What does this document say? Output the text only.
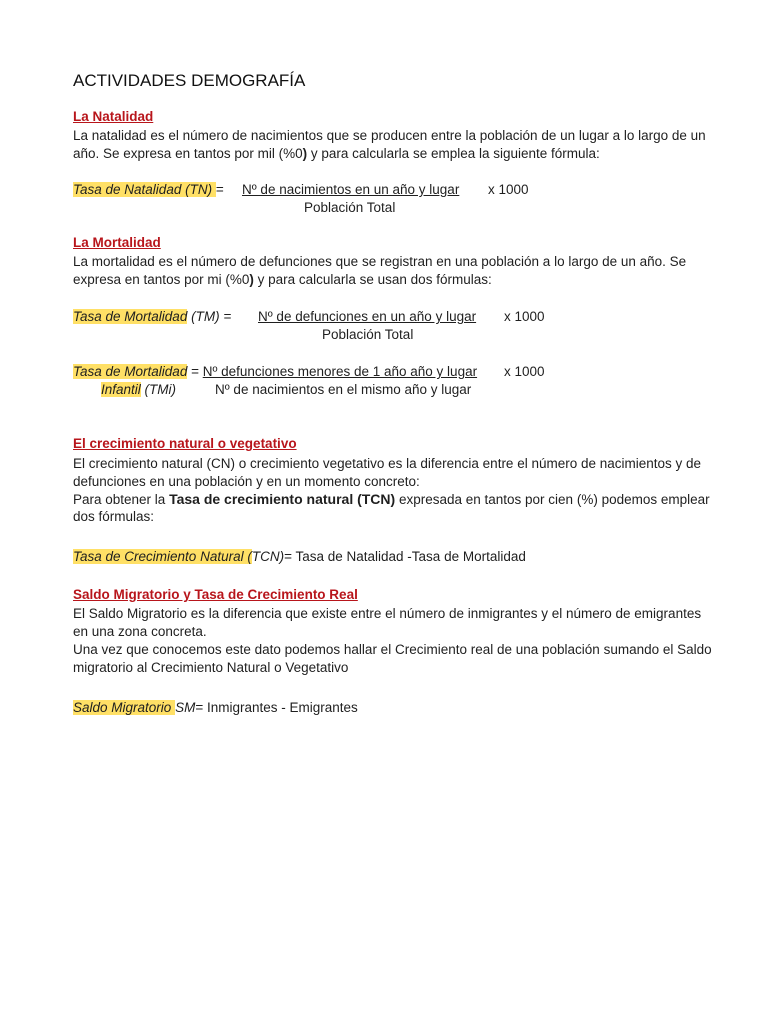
ACTIVIDADES DEMOGRAFÍA
La Natalidad
La natalidad es el número de nacimientos que se producen entre la población de un lugar a lo largo de un
año. Se expresa en tantos por mil (%0) y para calcularla se emplea la siguiente fórmula:
Tasa de Natalidad (TN) = Nº de nacimientos en un año y lugar x 1000
Población Total
La Mortalidad
La mortalidad es el número de defunciones que se registran en una población a lo largo de un año. Se
expresa en tantos por mi (%0) y para calcularla se usan dos fórmulas:
Tasa de Mortalidad (TM) = Nº de defunciones en un año y lugar x 1000
Población Total
Tasa de Mortalidad = Nº defunciones menores de 1 año año y lugar x 1000
Infantil (TMi)	Nº de nacimientos en el mismo año y lugar
El crecimiento natural o vegetativo
El crecimiento natural (CN) o crecimiento vegetativo es la diferencia entre el número de nacimientos y de
defunciones en una población y en un momento concreto:
Para obtener la Tasa de crecimiento natural (TCN) expresada en tantos por cien (%) podemos emplear
dos fórmulas:
Tasa de Crecimiento Natural (TCN)= Tasa de Natalidad -Tasa de Mortalidad
Saldo Migratorio y Tasa de Crecimiento Real
El Saldo Migratorio es la diferencia que existe entre el número de inmigrantes y el número de emigrantes
en una zona concreta.
Una vez que conocemos este dato podemos hallar el Crecimiento real de una población sumando el Saldo
migratorio al Crecimiento Natural o Vegetativo
Saldo Migratorio SM= Inmigrantes - Emigrantes
